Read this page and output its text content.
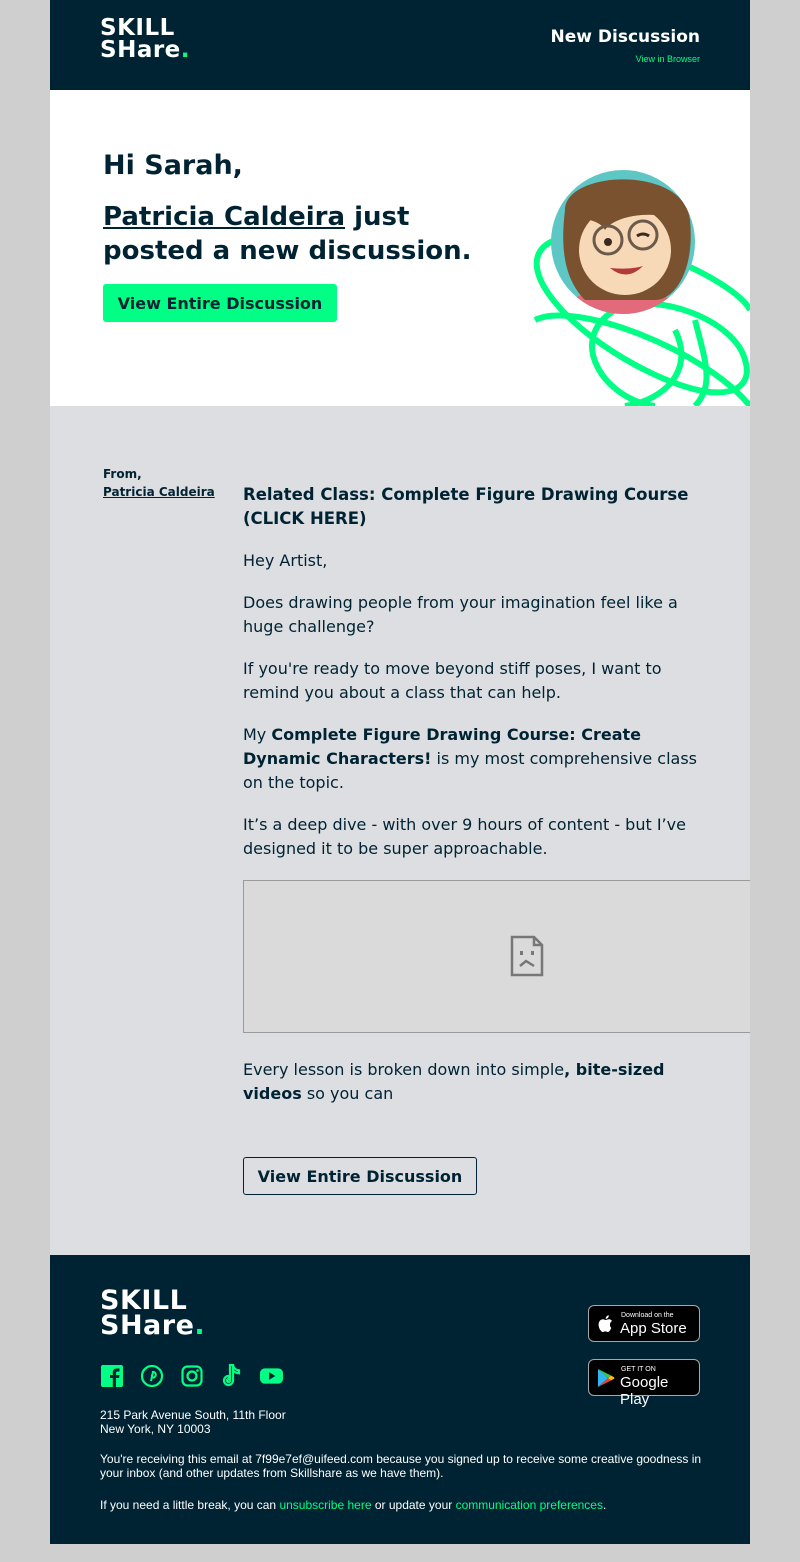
SKILL
SHare.	New Discussion
View in Browser
Hi Sarah,
Patricia Caldeira just posted a new discussion.
View Entire Discussion
From,
Patricia Caldeira Related Class: Complete Figure Drawing Course (CLICK HERE)

Hey Artist,

Does drawing people from your imagination feel like a huge challenge?

If you're ready to move beyond stiff poses, I want to remind you about a class that can help.

My Complete Figure Drawing Course: Create Dynamic Characters! is my most comprehensive class on the topic.

It’s a deep dive - with over 9 hours of content - but I’ve designed it to be super approachable.

Every lesson is broken down into simple, bite-sized videos so you can
View Entire Discussion
SKILL
SHare.
215 Park Avenue South, 11th Floor
New York, NY 10003
You're receiving this email at 7f99e7ef@uifeed.com because you signed up to receive some creative goodness in your inbox (and other updates from Skillshare as we have them).
If you need a little break, you can unsubscribe here or update your communication preferences.
Download on the
App Store
GET IT ON
Google Play
